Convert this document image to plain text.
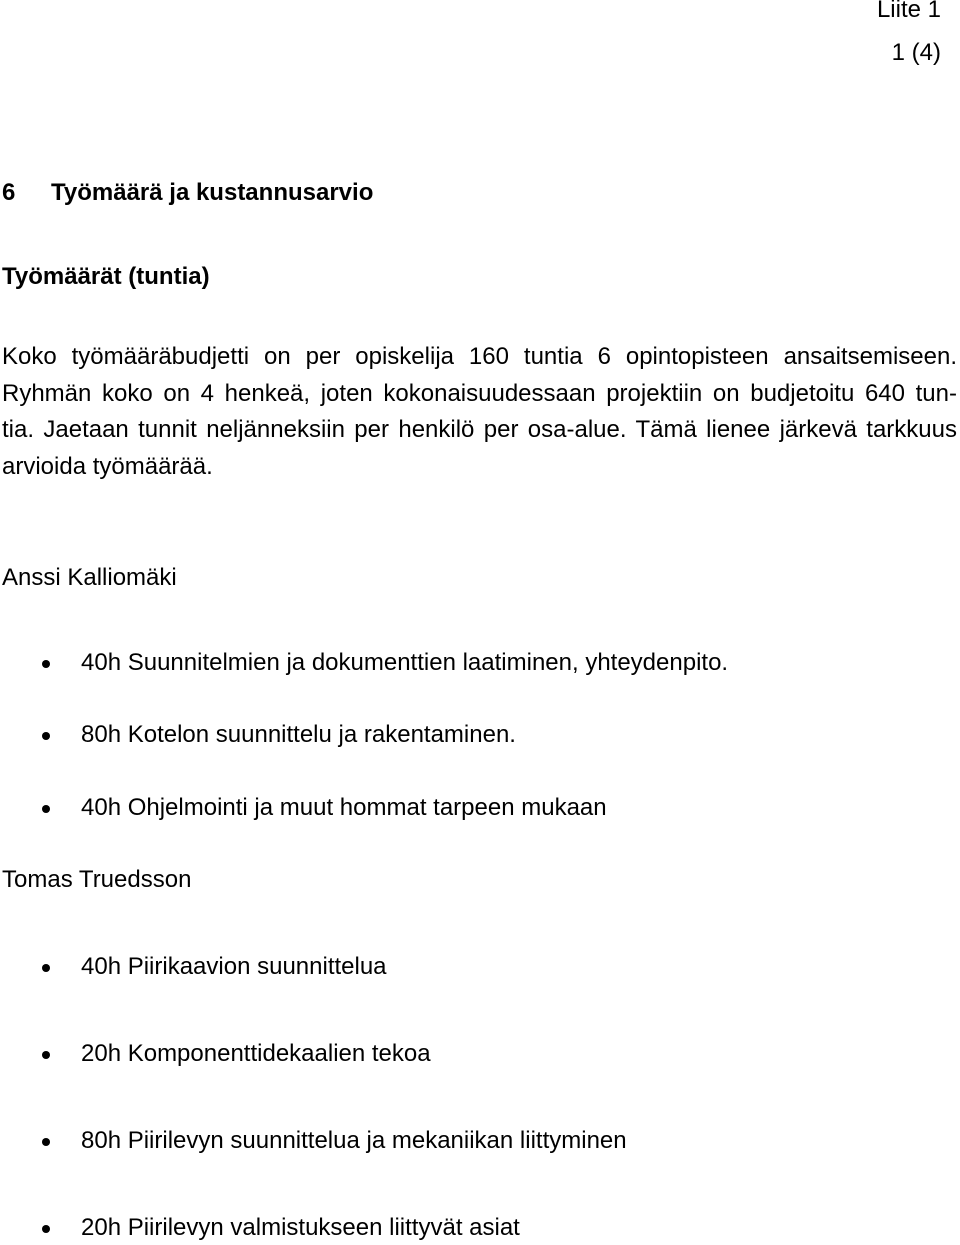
Liite 1
1 (4)
6 Työmäärä ja kustannusarvio
Työmäärät (tuntia)
Koko työmääräbudjetti on per opiskelija 160 tuntia 6 opintopisteen ansaitsemiseen.
Ryhmän koko on 4 henkeä, joten kokonaisuudessaan projektiin on budjetoitu 640 tun-
tia. Jaetaan tunnit neljänneksiin per henkilö per osa-alue. Tämä lienee järkevä tarkkuus
arvioida työmäärää.
Anssi Kalliomäki
40h Suunnitelmien ja dokumenttien laatiminen, yhteydenpito.
80h Kotelon suunnittelu ja rakentaminen.
40h Ohjelmointi ja muut hommat tarpeen mukaan
Tomas Truedsson
40h Piirikaavion suunnittelua
20h Komponenttidekaalien tekoa
80h Piirilevyn suunnittelua ja mekaniikan liittyminen
20h Piirilevyn valmistukseen liittyvät asiat
